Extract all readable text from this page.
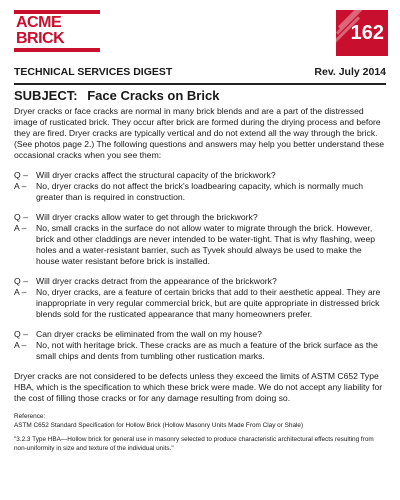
ACME
BRICK	162
TECHNICAL SERVICES DIGEST	Rev. July 2014
SUBJECT: Face Cracks on Brick

Dryer cracks or face cracks are normal in many brick blends and are a part of the distressed image of rusticated brick. They occur after brick are formed during the drying process and before they are fired. Dryer cracks are typically vertical and do not extend all the way through the brick. (See photos page 2.) The following questions and answers may help you better understand these occasional cracks when you see them:

Q – Will dryer cracks affect the structural capacity of the brickwork?
A –	No, dryer cracks do not affect the brick's loadbearing capacity, which is normally much greater than is required in construction.
Q – Will dryer cracks allow water to get through the brickwork?
A –	No, small cracks in the surface do not allow water to migrate through the brick. However, brick and other claddings are never intended to be water-tight. That is why flashing, weep holes and a water-resistant barrier, such as Tyvek should always be used to make the house water resistant before brick is installed.
Q – Will dryer cracks detract from the appearance of the brickwork?
A –	No, dryer cracks, are a feature of certain bricks that add to their aesthetic appeal. They are inappropriate in very regular commercial brick, but are quite appropriate in distressed brick blends sold for the rusticated appearance that many homeowners prefer.
Q – Can dryer cracks be eliminated from the wall on my house?
A –	No, not with heritage brick. These cracks are as much a feature of the brick surface as the small chips and dents from tumbling other rustication marks.

Dryer cracks are not considered to be defects unless they exceed the limits of ASTM C652 Type HBA, which is the specification to which these brick were made. We do not accept any liability for the cost of filling those cracks or for any damage resulting from doing so.

Reference:

ASTM C652 Standard Specification for Hollow Brick (Hollow Masonry Units Made From Clay or Shale)

"3.2.3 Type HBA—Hollow brick for general use in masonry selected to produce characteristic architectural effects resulting from non-uniformity in size and texture of the individual units."
